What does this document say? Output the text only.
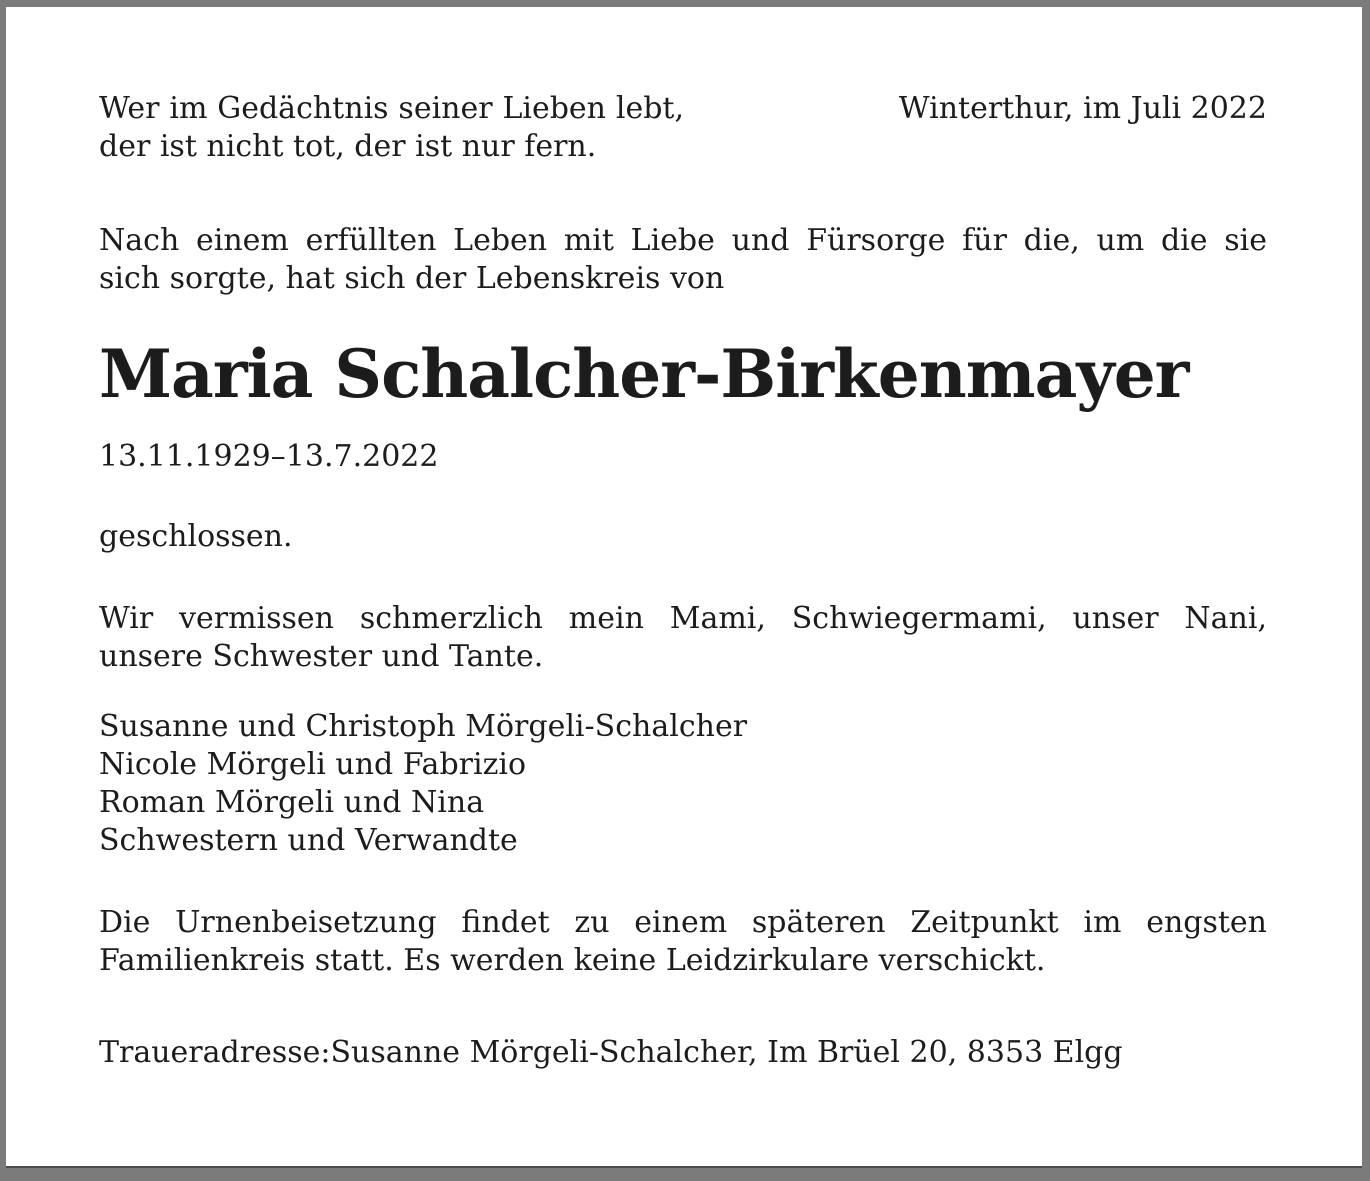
Wer im Gedächtnis seiner Lieben lebt,
der ist nicht tot, der ist nur fern.
Winterthur, im Juli 2022
Nach einem erfüllten Leben mit Liebe und Fürsorge für die, um die sie
sich sorgte, hat sich der Lebenskreis von
Maria Schalcher-Birkenmayer
13.11.1929–13.7.2022
geschlossen.
Wir vermissen schmerzlich mein Mami, Schwiegermami, unser Nani,
unsere Schwester und Tante.
Susanne und Christoph Mörgeli-Schalcher
Nicole Mörgeli und Fabrizio
Roman Mörgeli und Nina
Schwestern und Verwandte
Die Urnenbeisetzung findet zu einem späteren Zeitpunkt im engsten
Familienkreis statt. Es werden keine Leidzirkulare verschickt.
Traueradresse:Susanne Mörgeli-Schalcher, Im Brüel 20, 8353 Elgg
